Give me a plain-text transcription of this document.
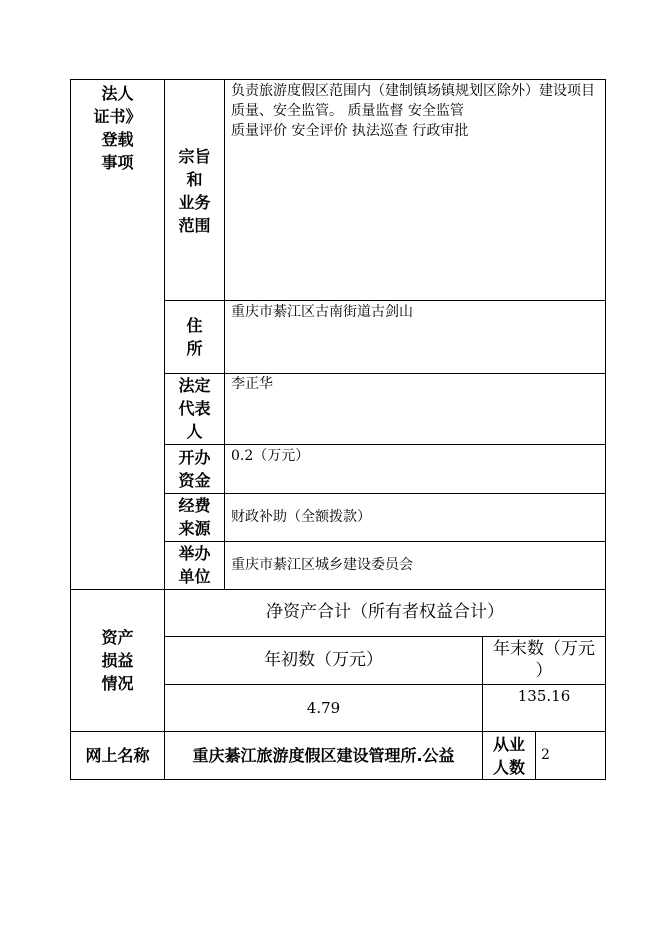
法人
证书》
登载
事项	宗旨
和
业务
范围
负责旅游度假区范围内（建制镇场镇规划区除外）建设项目质量、安全监管。 质量监督 安全监管
质量评价 安全评价 执法巡查 行政审批
住
所
重庆市綦江区古南街道古剑山
法定
代表
人
李正华
开办
资金
0.2（万元）
经费
来源
财政补助（全额拨款）
举办
单位
重庆市綦江区城乡建设委员会
资产
损益
情况
净资产合计（所有者权益合计）
年初数（万元）
年末数（万元
）
4.79
135.16
网上名称	重庆綦江旅游度假区建设管理所.公益
从业
人数
2
